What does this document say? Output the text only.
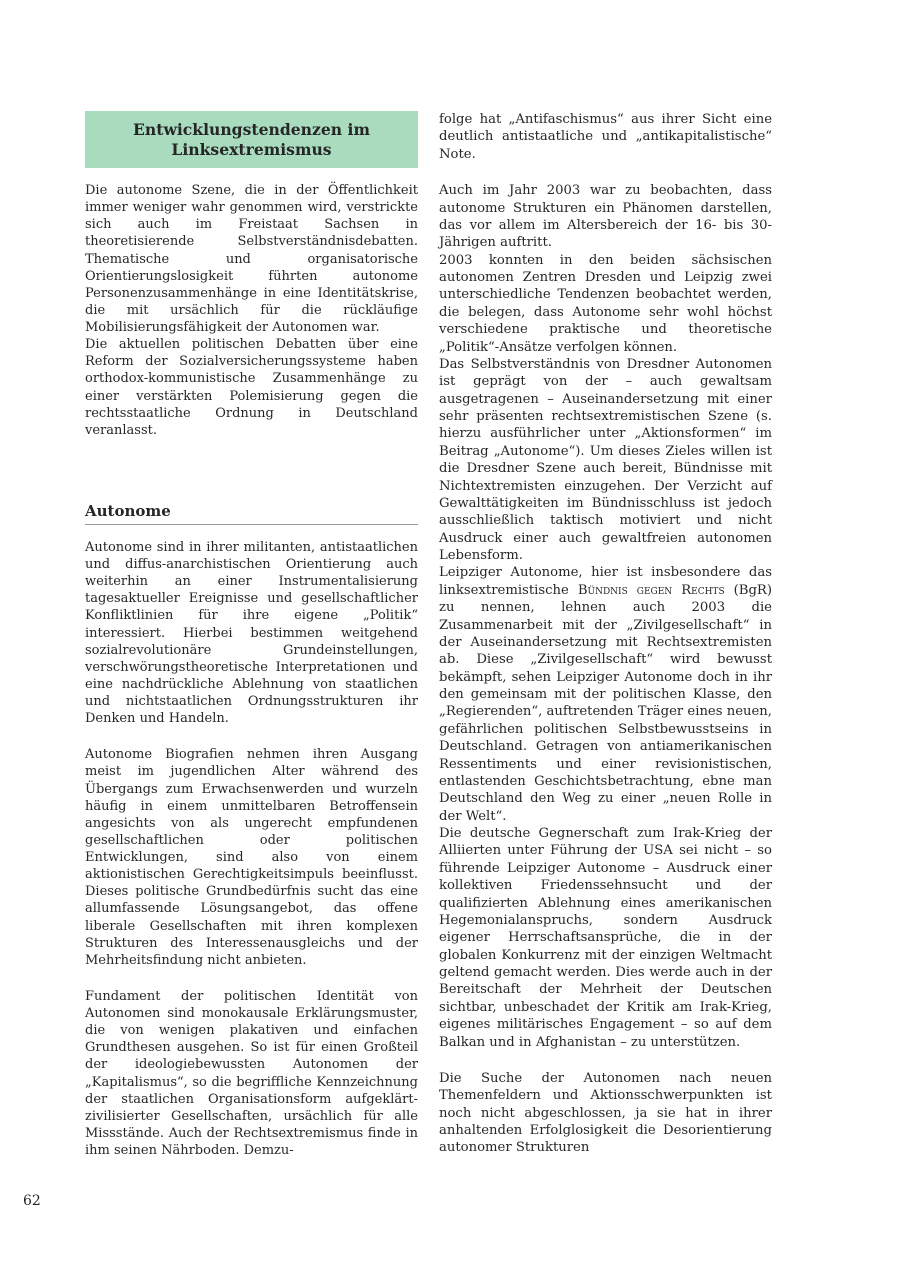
Entwicklungstendenzen im
Linksextremismus

Die autonome Szene, die in der Öffentlichkeit immer weniger wahr genommen wird, verstrickte sich auch im Freistaat Sachsen in theoretisierende Selbstverständnisdebatten. Thematische und organisatorische Orientierungslosigkeit führten autonome Personenzusammenhänge in eine Identitätskrise, die mit ursächlich für die rückläufige Mobilisierungsfähigkeit der Autonomen war.

Die aktuellen politischen Debatten über eine Reform der Sozialversicherungssysteme haben orthodox-kommunistische Zusammenhänge zu einer verstärkten Polemisierung gegen die rechtsstaatliche Ordnung in Deutschland veranlasst.

Autonome

Autonome sind in ihrer militanten, antistaatlichen und diffus-anarchistischen Orientierung auch weiterhin an einer Instrumentalisierung tagesaktueller Ereignisse und gesellschaftlicher Konfliktlinien für ihre eigene „Politik“ interessiert. Hierbei bestimmen weitgehend sozialrevolutionäre Grundeinstellungen, verschwörungstheoretische Interpretationen und eine nachdrückliche Ablehnung von staatlichen und nichtstaatlichen Ordnungsstrukturen ihr Denken und Handeln.

Autonome Biografien nehmen ihren Ausgang meist im jugendlichen Alter während des Übergangs zum Erwachsenwerden und wurzeln häufig in einem unmittelbaren Betroffensein angesichts von als ungerecht empfundenen gesellschaftlichen oder politischen Entwicklungen, sind also von einem aktionistischen Gerechtigkeitsimpuls beeinflusst. Dieses politische Grundbedürfnis sucht das eine allumfassende Lösungsangebot, das offene liberale Gesellschaften mit ihren komplexen Strukturen des Interessenausgleichs und der Mehrheitsfindung nicht anbieten.

Fundament der politischen Identität von Autonomen sind monokausale Erklärungsmuster, die von wenigen plakativen und einfachen Grundthesen ausgehen. So ist für einen Großteil der ideologiebewussten Autonomen der „Kapitalismus“, so die begriffliche Kennzeichnung der staatlichen Organisationsform aufgeklärt-zivilisierter Gesellschaften, ursächlich für alle Missstände. Auch der Rechtsextremismus finde in ihm seinen Nährboden. Demzu-

folge hat „Antifaschismus“ aus ihrer Sicht eine deutlich antistaatliche und „antikapitalistische“ Note.

Auch im Jahr 2003 war zu beobachten, dass autonome Strukturen ein Phänomen darstellen, das vor allem im Altersbereich der 16- bis 30-Jährigen auftritt.

2003 konnten in den beiden sächsischen autonomen Zentren Dresden und Leipzig zwei unterschiedliche Tendenzen beobachtet werden, die belegen, dass Autonome sehr wohl höchst verschiedene praktische und theoretische „Politik“-Ansätze verfolgen können.

Das Selbstverständnis von Dresdner Autonomen ist geprägt von der – auch gewaltsam ausgetragenen – Auseinandersetzung mit einer sehr präsenten rechtsextremistischen Szene (s. hierzu ausführlicher unter „Aktionsformen“ im Beitrag „Autonome“). Um dieses Zieles willen ist die Dresdner Szene auch bereit, Bündnisse mit Nichtextremisten einzugehen. Der Verzicht auf Gewalttätigkeiten im Bündnisschluss ist jedoch ausschließlich taktisch motiviert und nicht Ausdruck einer auch gewaltfreien autonomen Lebensform.

Leipziger Autonome, hier ist insbesondere das linksextremistische Bündnis gegen Rechts (BgR) zu nennen, lehnen auch 2003 die Zusammenarbeit mit der „Zivilgesellschaft“ in der Auseinandersetzung mit Rechtsextremisten ab. Diese „Zivilgesellschaft“ wird bewusst bekämpft, sehen Leipziger Autonome doch in ihr den gemeinsam mit der politischen Klasse, den „Regierenden“, auftretenden Träger eines neuen, gefährlichen politischen Selbstbewusstseins in Deutschland. Getragen von antiamerikanischen Ressentiments und einer revisionistischen, entlastenden Geschichtsbetrachtung, ebne man Deutschland den Weg zu einer „neuen Rolle in der Welt“.

Die deutsche Gegnerschaft zum Irak-Krieg der Alliierten unter Führung der USA sei nicht – so führende Leipziger Autonome – Ausdruck einer kollektiven Friedenssehnsucht und der qualifizierten Ablehnung eines amerikanischen Hegemonialanspruchs, sondern Ausdruck eigener Herrschaftsansprüche, die in der globalen Konkurrenz mit der einzigen Weltmacht geltend gemacht werden. Dies werde auch in der Bereitschaft der Mehrheit der Deutschen sichtbar, unbeschadet der Kritik am Irak-Krieg, eigenes militärisches Engagement – so auf dem Balkan und in Afghanistan – zu unterstützen.

Die Suche der Autonomen nach neuen Themenfeldern und Aktionsschwerpunkten ist noch nicht abgeschlossen, ja sie hat in ihrer anhaltenden Erfolglosigkeit die Desorientierung autonomer Strukturen

62
